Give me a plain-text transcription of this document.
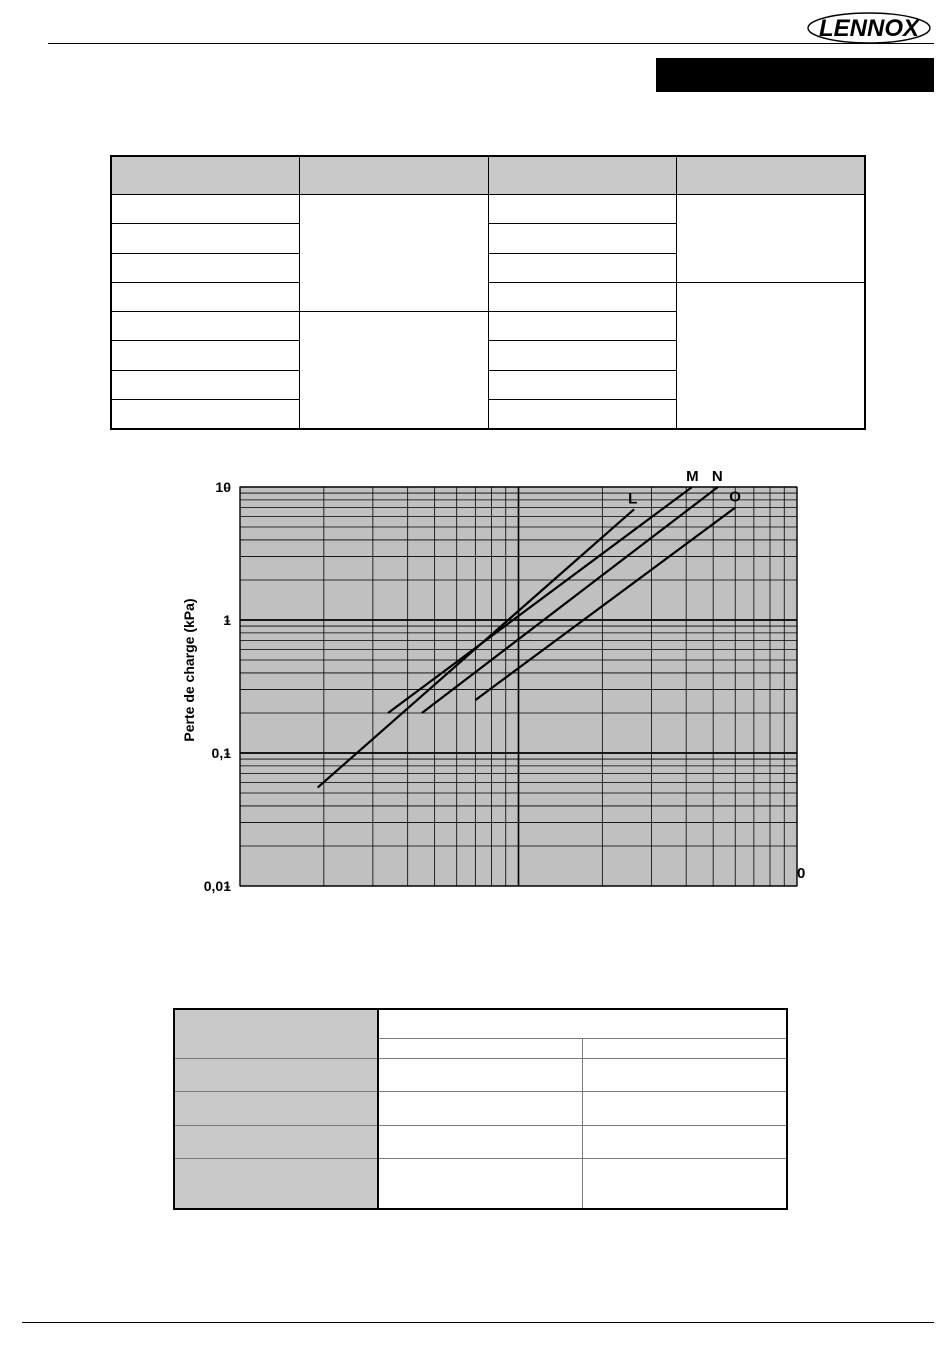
LENNOX

L
M N
O
10
1
0,1
0,01
Perte de charge (kPa)
0
